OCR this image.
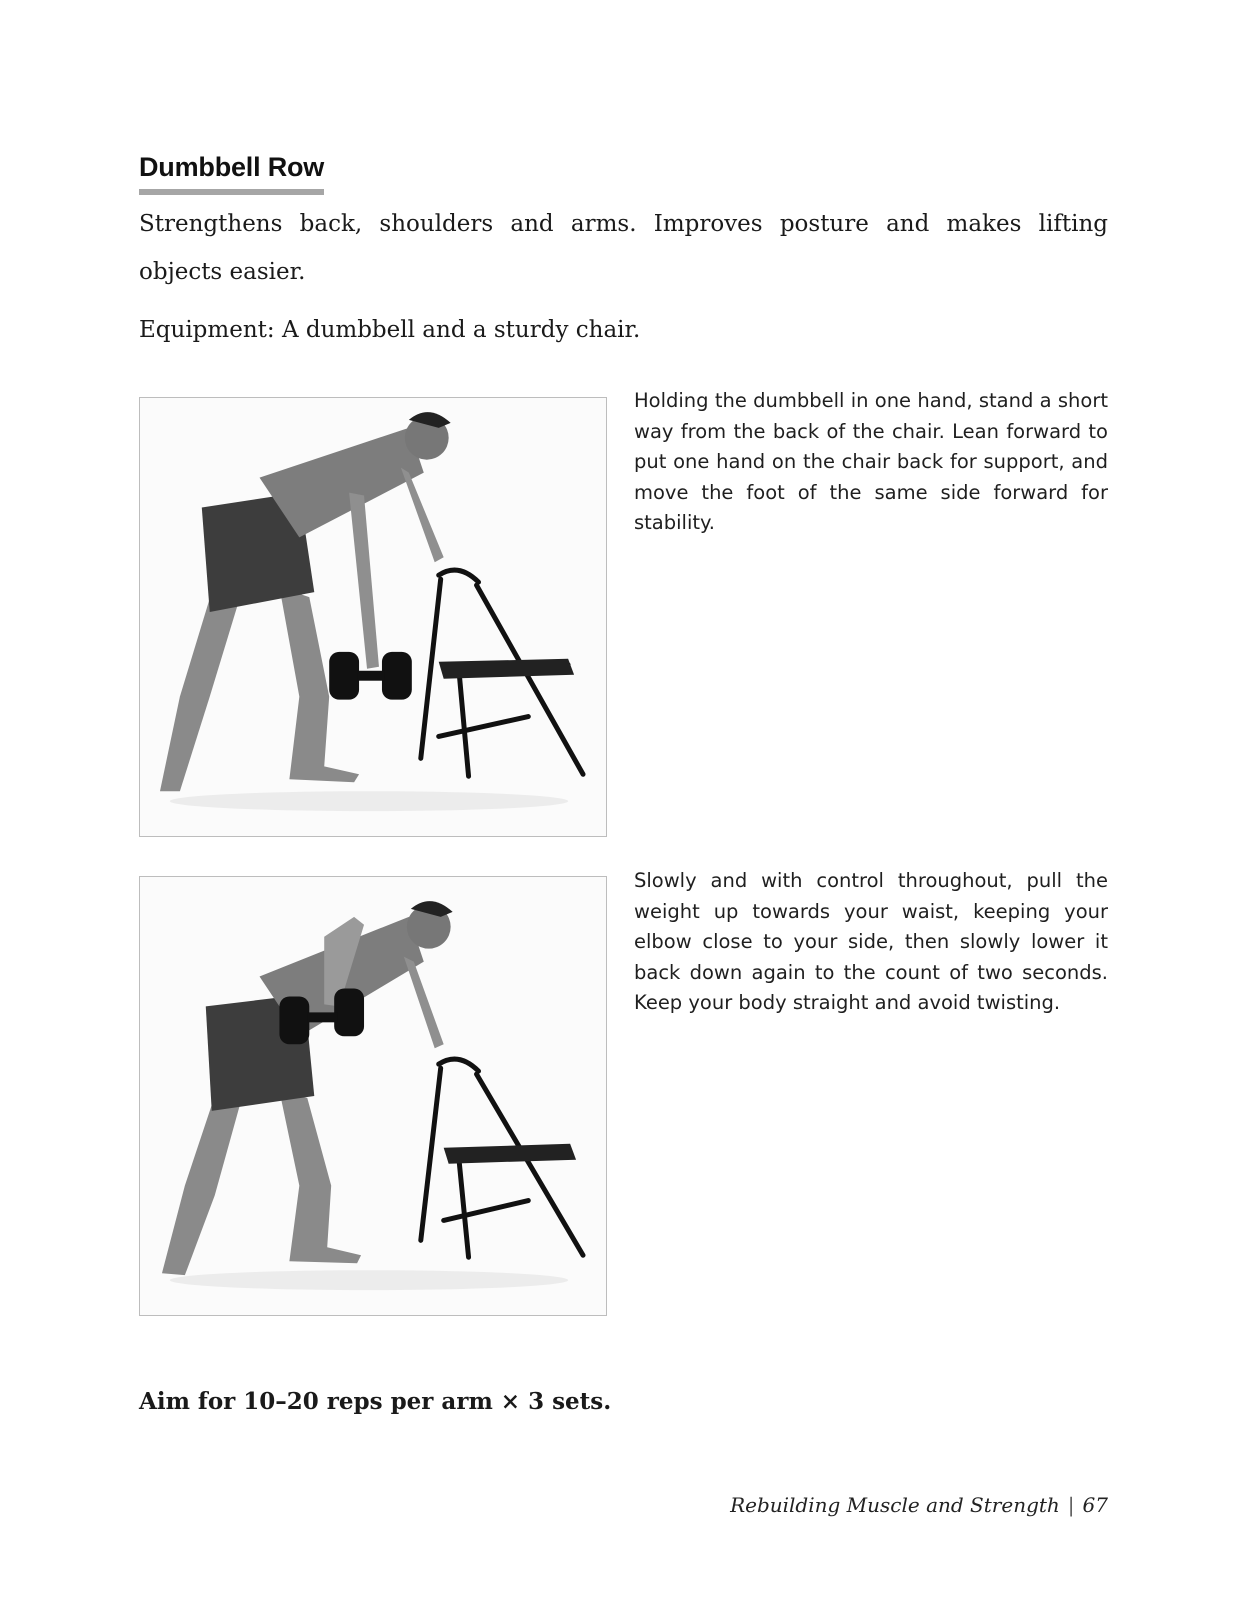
Dumbbell Row

Strengthens back, shoulders and arms. Improves posture and makes lifting objects easier.

Equipment: A dumbbell and a sturdy chair.

Holding the dumbbell in one hand, stand a short way from the back of the chair. Lean forward to put one hand on the chair back for support, and move the foot of the same side forward for stability.

Slowly and with control throughout, pull the weight up towards your waist, keeping your elbow close to your side, then slowly lower it back down again to the count of two seconds. Keep your body straight and avoid twisting.

Aim for 10–20 reps per arm × 3 sets.

Rebuilding Muscle and Strength | 67
